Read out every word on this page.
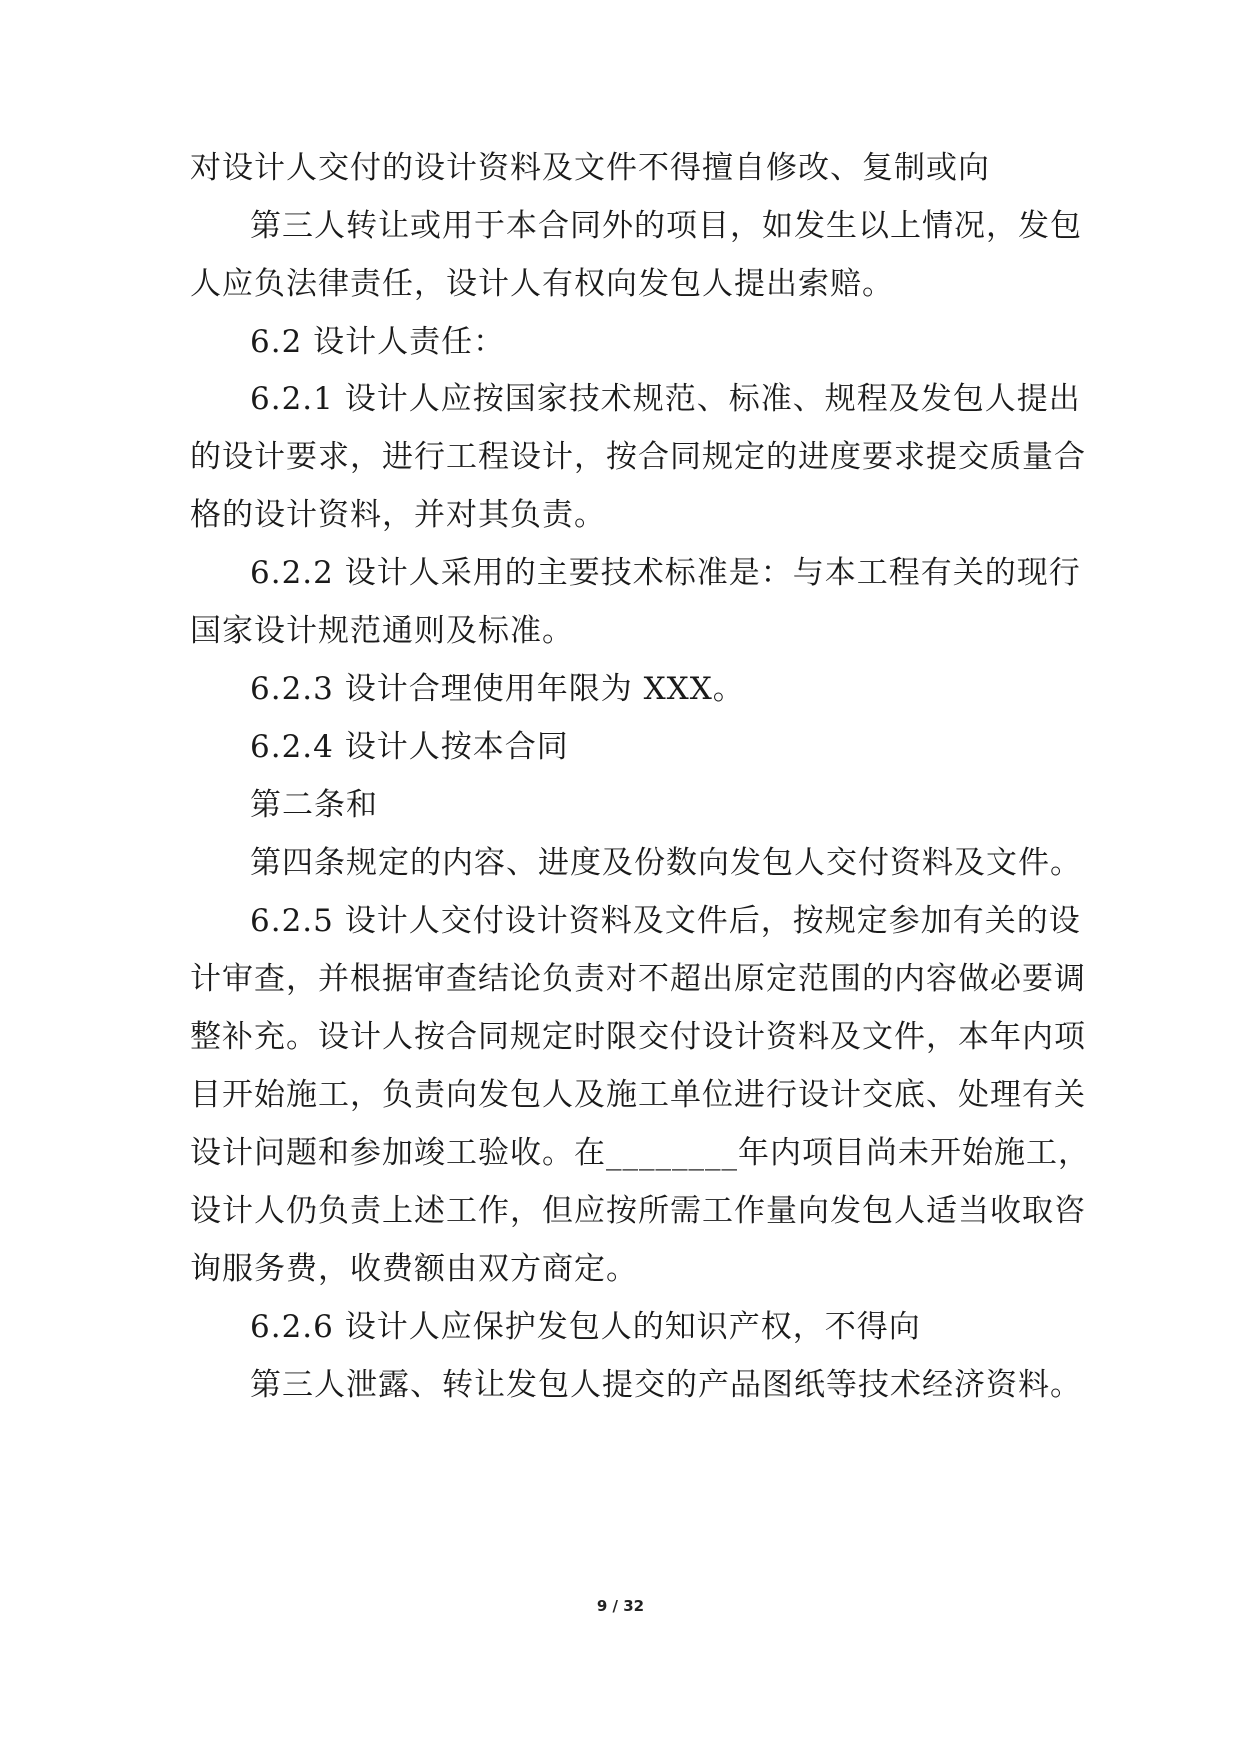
对设计人交付的设计资料及文件不得擅自修改、复制或向
第三人转让或用于本合同外的项目，如发生以上情况，发包
人应负法律责任，设计人有权向发包人提出索赔。
6.2 设计人责任：
6.2.1 设计人应按国家技术规范、标准、规程及发包人提出
的设计要求，进行工程设计，按合同规定的进度要求提交质量合
格的设计资料，并对其负责。
6.2.2 设计人采用的主要技术标准是：与本工程有关的现行
国家设计规范通则及标准。
6.2.3 设计合理使用年限为 XXX。
6.2.4 设计人按本合同
第二条和
第四条规定的内容、进度及份数向发包人交付资料及文件。
6.2.5 设计人交付设计资料及文件后，按规定参加有关的设
计审查，并根据审查结论负责对不超出原定范围的内容做必要调
整补充。设计人按合同规定时限交付设计资料及文件，本年内项
目开始施工，负责向发包人及施工单位进行设计交底、处理有关
设计问题和参加竣工验收。在________年内项目尚未开始施工，
设计人仍负责上述工作，但应按所需工作量向发包人适当收取咨
询服务费，收费额由双方商定。
6.2.6 设计人应保护发包人的知识产权，不得向
第三人泄露、转让发包人提交的产品图纸等技术经济资料。
9 / 32
